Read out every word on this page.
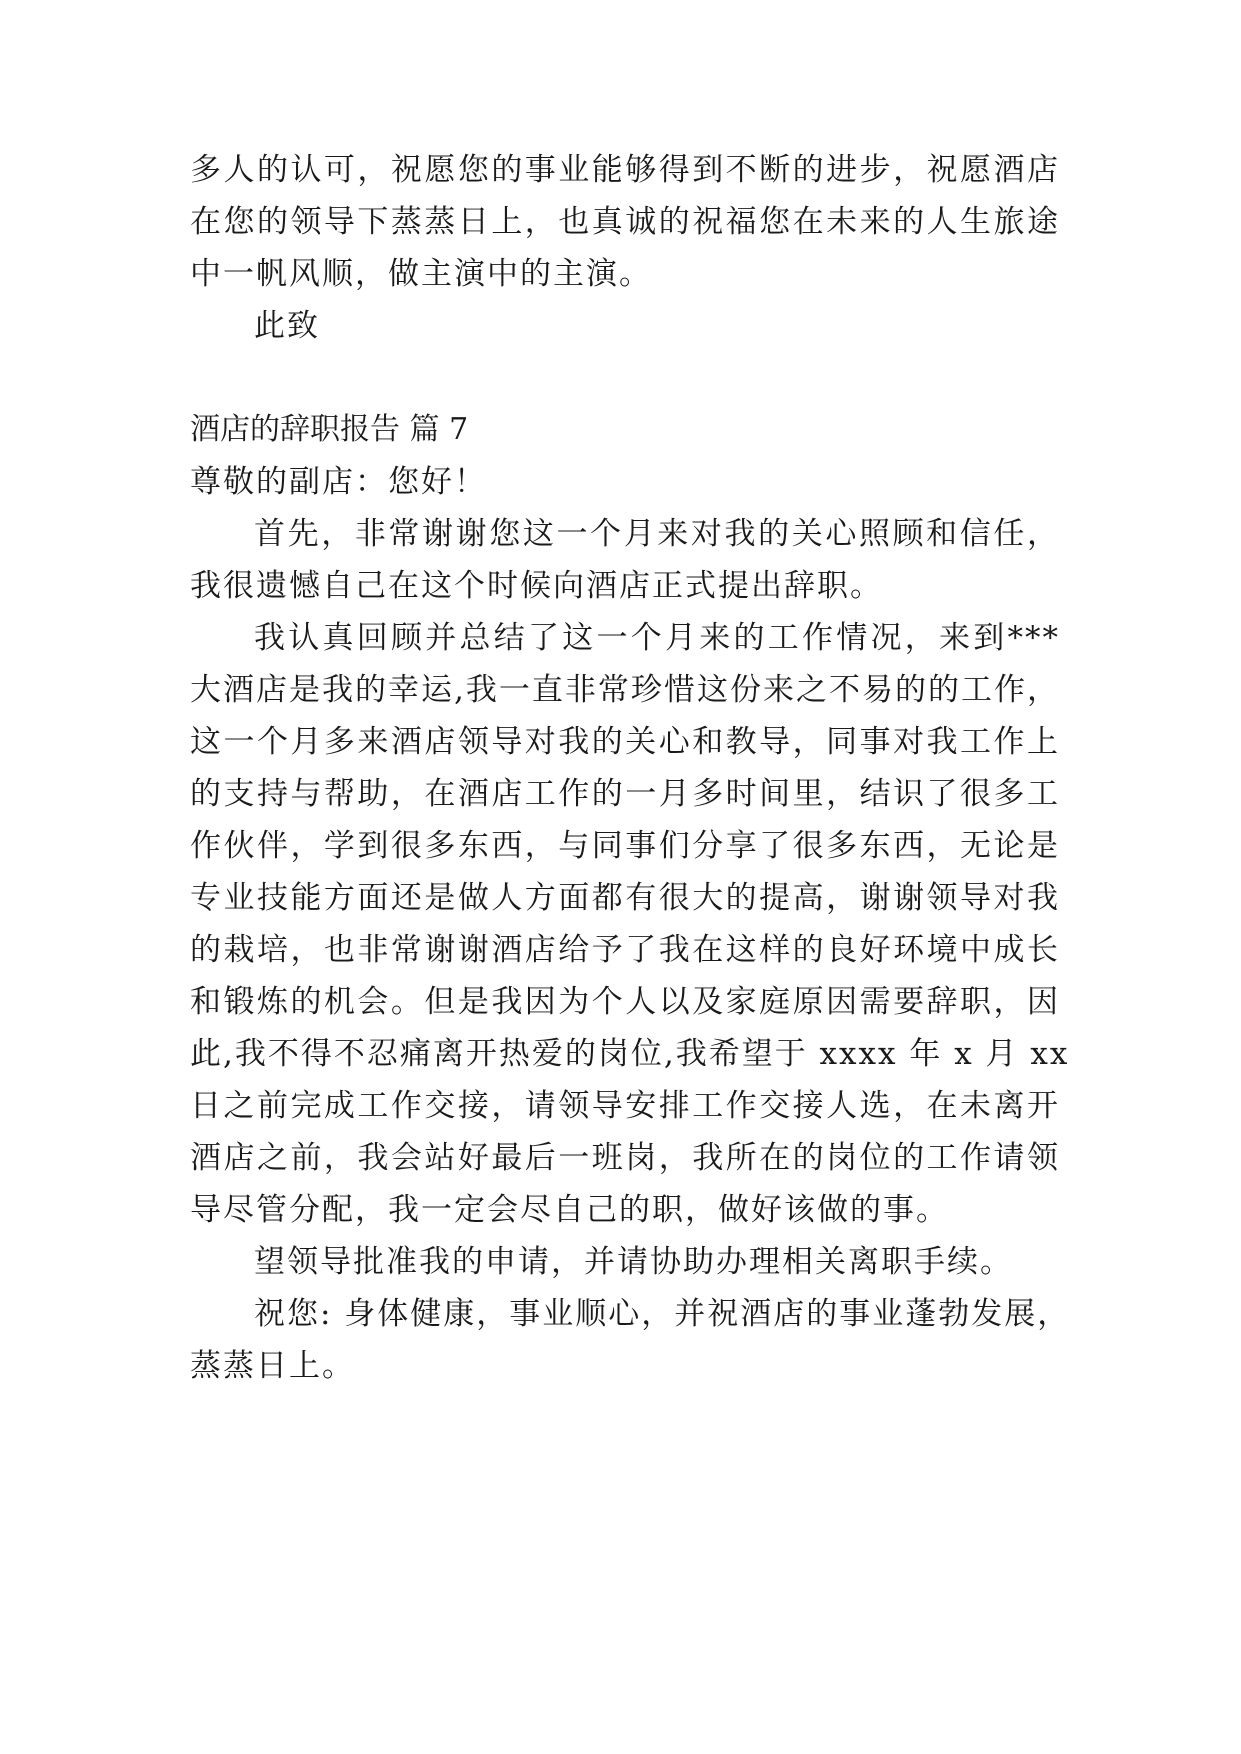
多人的认可，祝愿您的事业能够得到不断的进步，祝愿酒店
在您的领导下蒸蒸日上，也真诚的祝福您在未来的人生旅途
中一帆风顺，做主演中的主演。
此致
酒店的辞职报告 篇 7
尊敬的副店：您好！
首先，非常谢谢您这一个月来对我的关心照顾和信任，
我很遗憾自己在这个时候向酒店正式提出辞职。
我认真回顾并总结了这一个月来的工作情况，来到***
大酒店是我的幸运,我一直非常珍惜这份来之不易的的工作，
这一个月多来酒店领导对我的关心和教导，同事对我工作上
的支持与帮助，在酒店工作的一月多时间里，结识了很多工
作伙伴，学到很多东西，与同事们分享了很多东西，无论是
专业技能方面还是做人方面都有很大的提高，谢谢领导对我
的栽培，也非常谢谢酒店给予了我在这样的良好环境中成长
和锻炼的机会。但是我因为个人以及家庭原因需要辞职，因
此,我不得不忍痛离开热爱的岗位,我希望于 xxxx 年 x 月 xx
日之前完成工作交接，请领导安排工作交接人选，在未离开
酒店之前，我会站好最后一班岗，我所在的岗位的工作请领
导尽管分配，我一定会尽自己的职，做好该做的事。
望领导批准我的申请，并请协助办理相关离职手续。
祝您: 身体健康，事业顺心，并祝酒店的事业蓬勃发展，
蒸蒸日上。
